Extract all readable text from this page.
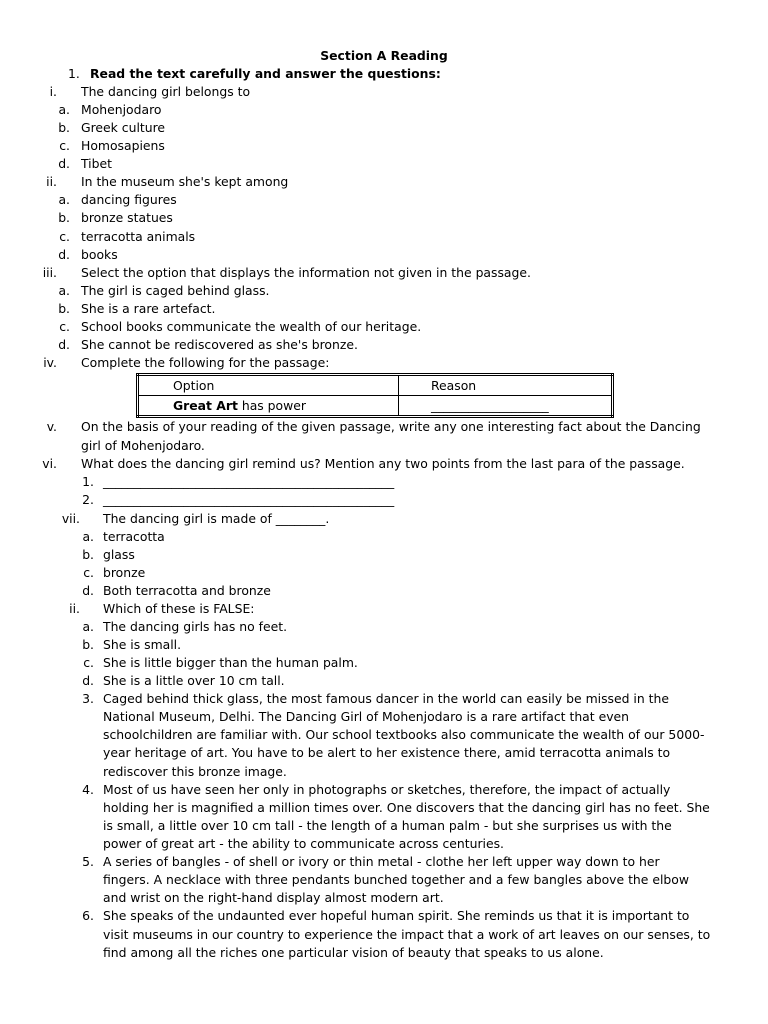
Section A Reading
1. Read the text carefully and answer the questions:
i. The dancing girl belongs to
a. Mohenjodaro
b. Greek culture
c. Homosapiens
d. Tibet
ii. In the museum she's kept among
a. dancing figures
b. bronze statues
c. terracotta animals
d. books
iii. Select the option that displays the information not given in the passage.
a. The girl is caged behind glass.
b. She is a rare artefact.
c. School books communicate the wealth of our heritage.
d. She cannot be rediscovered as she's bronze.
iv. Complete the following for the passage:
Option	Reason
Great Art has power	___________________
v. On the basis of your reading of the given passage, write any one interesting fact about the Dancing
girl of Mohenjodaro.
vi. What does the dancing girl remind us? Mention any two points from the last para of the passage.
1. _______________________________________________
2. _______________________________________________
vii. The dancing girl is made of ________.
a. terracotta
b. glass
c. bronze
d. Both terracotta and bronze
ii. Which of these is FALSE:
a. The dancing girls has no feet.
b. She is small.
c. She is little bigger than the human palm.
d. She is a little over 10 cm tall.
3. Caged behind thick glass, the most famous dancer in the world can easily be missed in the
National Museum, Delhi. The Dancing Girl of Mohenjodaro is a rare artifact that even
schoolchildren are familiar with. Our school textbooks also communicate the wealth of our 5000-
year heritage of art. You have to be alert to her existence there, amid terracotta animals to
rediscover this bronze image.
4. Most of us have seen her only in photographs or sketches, therefore, the impact of actually
holding her is magnified a million times over. One discovers that the dancing girl has no feet. She
is small, a little over 10 cm tall - the length of a human palm - but she surprises us with the
power of great art - the ability to communicate across centuries.
5. A series of bangles - of shell or ivory or thin metal - clothe her left upper way down to her
fingers. A necklace with three pendants bunched together and a few bangles above the elbow
and wrist on the right-hand display almost modern art.
6. She speaks of the undaunted ever hopeful human spirit. She reminds us that it is important to
visit museums in our country to experience the impact that a work of art leaves on our senses, to
find among all the riches one particular vision of beauty that speaks to us alone.
